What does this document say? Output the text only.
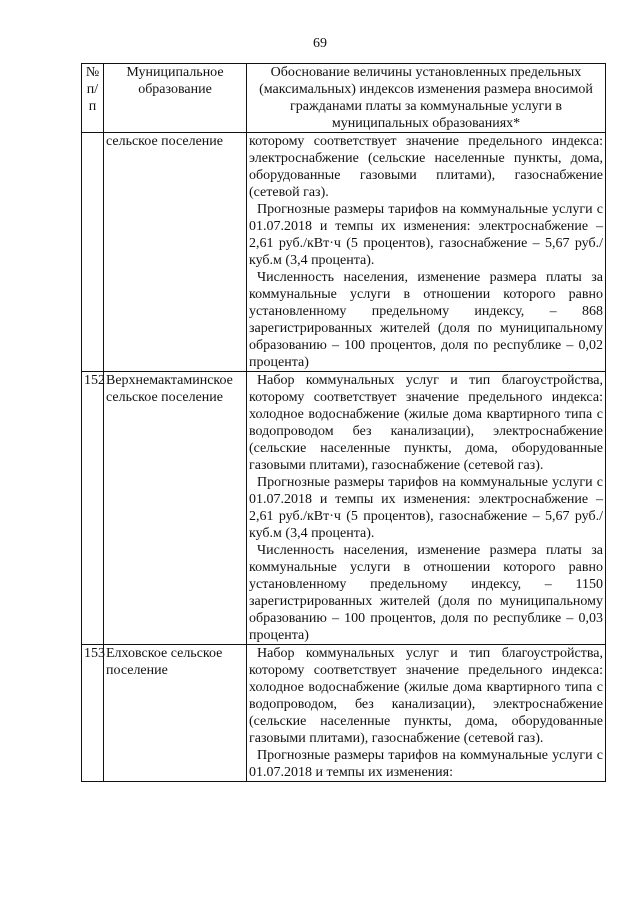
69
№ п/п	Муниципальное образование	Обоснование величины установленных предельных (максимальных) индексов изменения размера вносимой гражданами платы за коммунальные услуги в муниципальных образованиях*
	сельское поселение	которому соответствует значение предельного индекса: электроснабжение (сельские населенные пункты, дома, оборудованные газовыми плитами), газоснабжение (сетевой газ).

Прогнозные размеры тарифов на коммунальные услуги с 01.07.2018 и темпы их изменения: электроснабжение – 2,61 руб./кВт·ч (5 процентов), газоснабжение – 5,67 руб./куб.м (3,4 процента).

Численность населения, изменение размера платы за коммунальные услуги в отношении которого равно установленному предельному индексу, – 868 зарегистрированных жителей (доля по муниципальному образованию – 100 процентов, доля по республике – 0,02 процента)

152	Верхнемактаминское сельское поселение	Набор коммунальных услуг и тип благоустройства, которому соответствует значение предельного индекса: холодное водоснабжение (жилые дома квартирного типа с водопроводом без канализации), электроснабжение (сельские населенные пункты, дома, оборудованные газовыми плитами), газоснабжение (сетевой газ).

Прогнозные размеры тарифов на коммунальные услуги с 01.07.2018 и темпы их изменения: электроснабжение – 2,61 руб./кВт·ч (5 процентов), газоснабжение – 5,67 руб./куб.м (3,4 процента).

Численность населения, изменение размера платы за коммунальные услуги в отношении которого равно установленному предельному индексу, – 1150 зарегистрированных жителей (доля по муниципальному образованию – 100 процентов, доля по республике – 0,03 процента)

153	Елховское сельское поселение	Набор коммунальных услуг и тип благоустройства, которому соответствует значение предельного индекса: холодное водоснабжение (жилые дома квартирного типа с водопроводом, без канализации), электроснабжение (сельские населенные пункты, дома, оборудованные газовыми плитами), газоснабжение (сетевой газ).

Прогнозные размеры тарифов на коммунальные услуги с 01.07.2018 и темпы их изменения:
